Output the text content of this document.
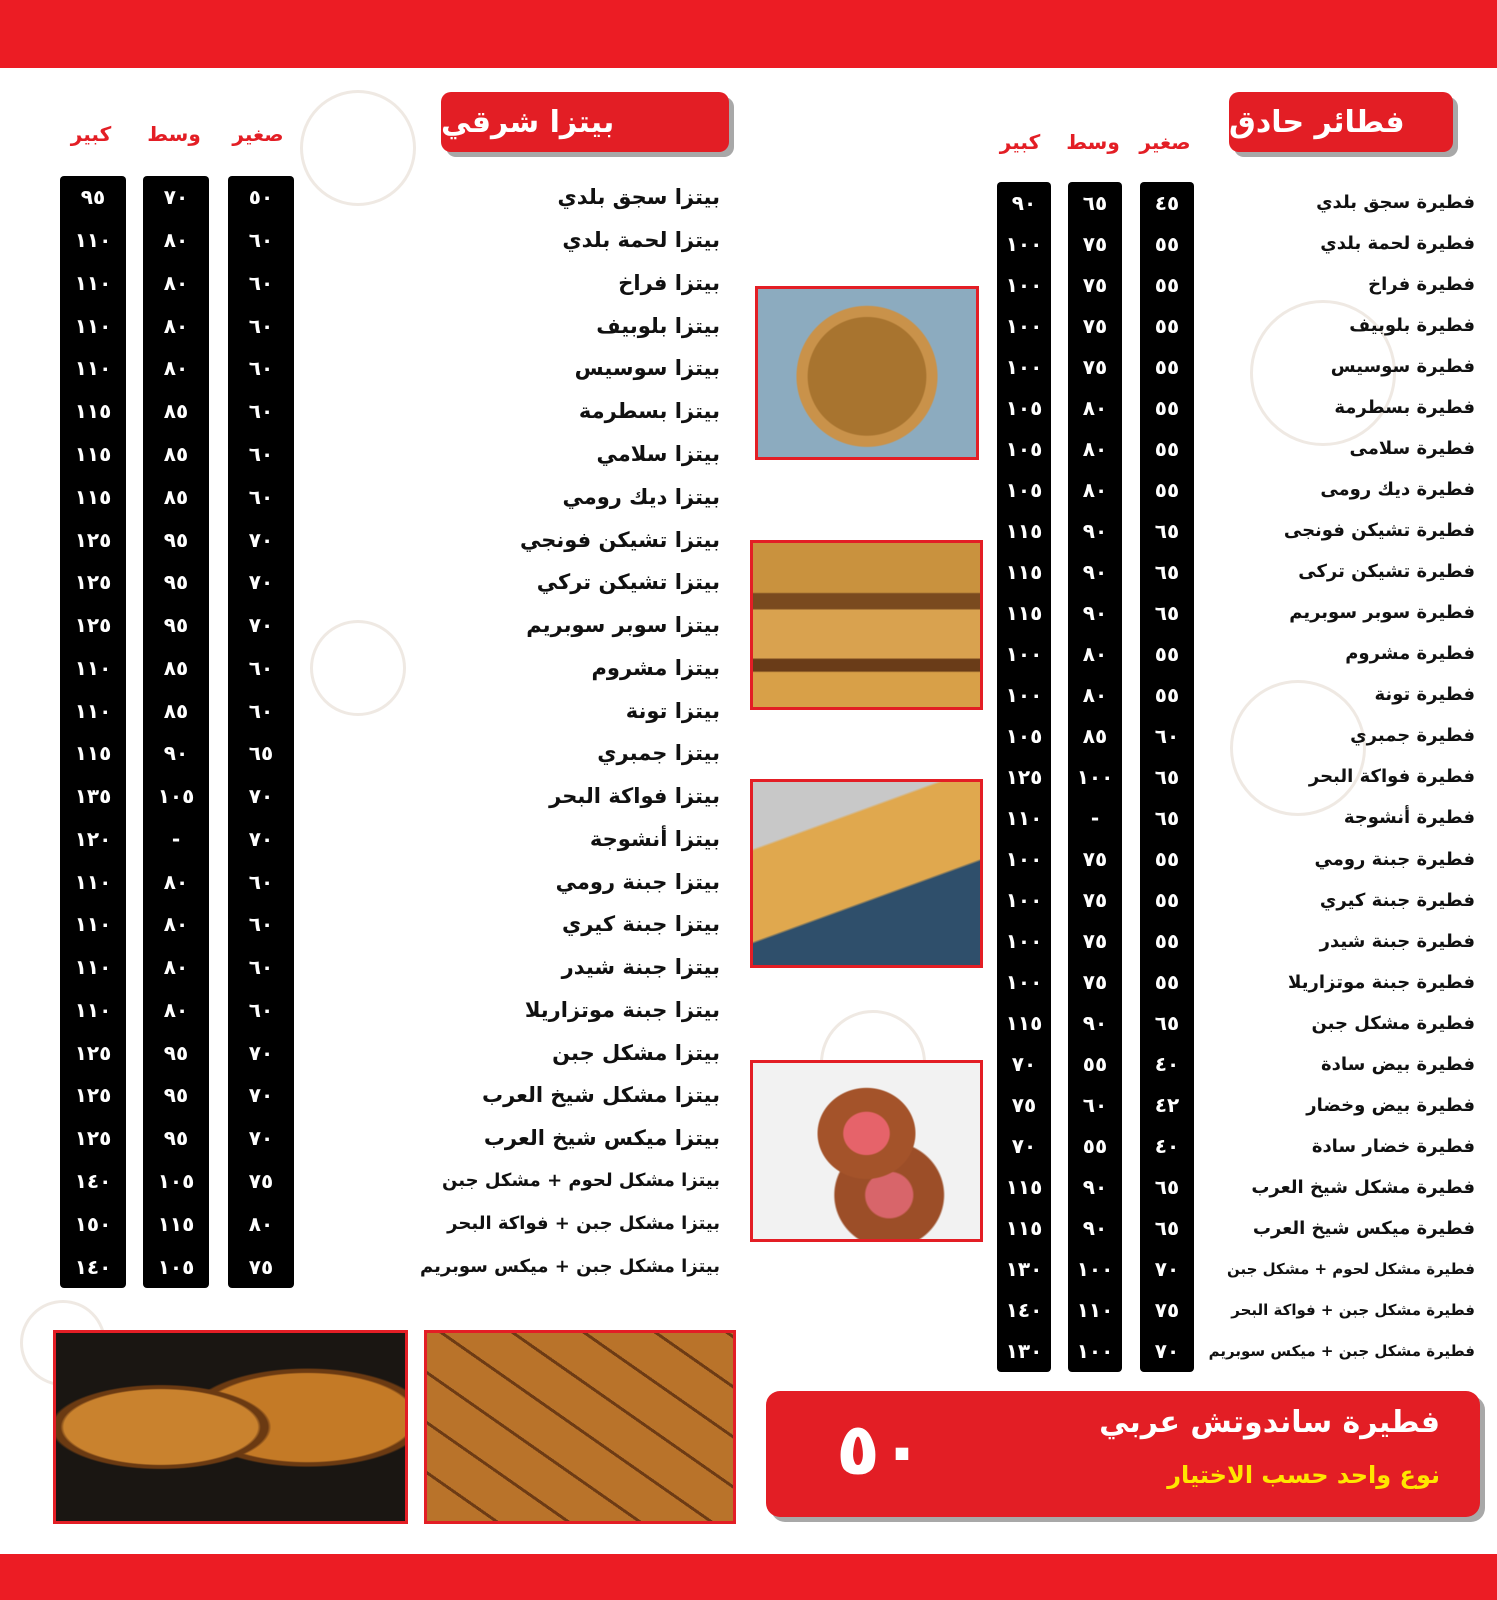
بيتزا شرقي
صغير
وسط
كبير
بيتزا سجق بلدي
بيتزا لحمة بلدي
بيتزا فراخ
بيتزا بلوبيف
بيتزا سوسيس
بيتزا بسطرمة
بيتزا سلامي
بيتزا ديك رومي
بيتزا تشيكن فونجي
بيتزا تشيكن تركي
بيتزا سوبر سوبريم
بيتزا مشروم
بيتزا تونة
بيتزا جمبري
بيتزا فواكة البحر
بيتزا أنشوجة
بيتزا جبنة رومي
بيتزا جبنة كيري
بيتزا جبنة شيدر
بيتزا جبنة موتزاريلا
بيتزا مشكل جبن
بيتزا مشكل شيخ العرب
بيتزا ميكس شيخ العرب
بيتزا مشكل لحوم + مشكل جبن
بيتزا مشكل جبن + فواكة البحر
بيتزا مشكل جبن + ميكس سوبريم
٥٠
٦٠
٦٠
٦٠
٦٠
٦٠
٦٠
٦٠
٧٠
٧٠
٧٠
٦٠
٦٠
٦٥
٧٠
٧٠
٦٠
٦٠
٦٠
٦٠
٧٠
٧٠
٧٠
٧٥
٨٠
٧٥
٧٠
٨٠
٨٠
٨٠
٨٠
٨٥
٨٥
٨٥
٩٥
٩٥
٩٥
٨٥
٨٥
٩٠
١٠٥
-
٨٠
٨٠
٨٠
٨٠
٩٥
٩٥
٩٥
١٠٥
١١٥
١٠٥
٩٥
١١٠
١١٠
١١٠
١١٠
١١٥
١١٥
١١٥
١٢٥
١٢٥
١٢٥
١١٠
١١٠
١١٥
١٣٥
١٢٠
١١٠
١١٠
١١٠
١١٠
١٢٥
١٢٥
١٢٥
١٤٠
١٥٠
١٤٠
فطائر حادق
صغير
وسط
كبير
فطيرة سجق بلدي
فطيرة لحمة بلدي
فطيرة فراخ
فطيرة بلوبيف
فطيرة سوسيس
فطيرة بسطرمة
فطيرة سلامى
فطيرة ديك رومى
فطيرة تشيكن فونجى
فطيرة تشيكن تركى
فطيرة سوبر سوبريم
فطيرة مشروم
فطيرة تونة
فطيرة جمبري
فطيرة فواكة البحر
فطيرة أنشوجة
فطيرة جبنة رومي
فطيرة جبنة كيري
فطيرة جبنة شيدر
فطيرة جبنة موتزاريلا
فطيرة مشكل جبن
فطيرة بيض سادة
فطيرة بيض وخضار
فطيرة خضار سادة
فطيرة مشكل شيخ العرب
فطيرة ميكس شيخ العرب
فطيرة مشكل لحوم + مشكل جبن
فطيرة مشكل جبن + فواكة البحر
فطيرة مشكل جبن + ميكس سوبريم
٤٥
٥٥
٥٥
٥٥
٥٥
٥٥
٥٥
٥٥
٦٥
٦٥
٦٥
٥٥
٥٥
٦٠
٦٥
٦٥
٥٥
٥٥
٥٥
٥٥
٦٥
٤٠
٤٢
٤٠
٦٥
٦٥
٧٠
٧٥
٧٠
٦٥
٧٥
٧٥
٧٥
٧٥
٨٠
٨٠
٨٠
٩٠
٩٠
٩٠
٨٠
٨٠
٨٥
١٠٠
-
٧٥
٧٥
٧٥
٧٥
٩٠
٥٥
٦٠
٥٥
٩٠
٩٠
١٠٠
١١٠
١٠٠
٩٠
١٠٠
١٠٠
١٠٠
١٠٠
١٠٥
١٠٥
١٠٥
١١٥
١١٥
١١٥
١٠٠
١٠٠
١٠٥
١٢٥
١١٠
١٠٠
١٠٠
١٠٠
١٠٠
١١٥
٧٠
٧٥
٧٠
١١٥
١١٥
١٣٠
١٤٠
١٣٠
فطيرة ساندوتش عربي
نوع واحد حسب الاختيار
٥٠
